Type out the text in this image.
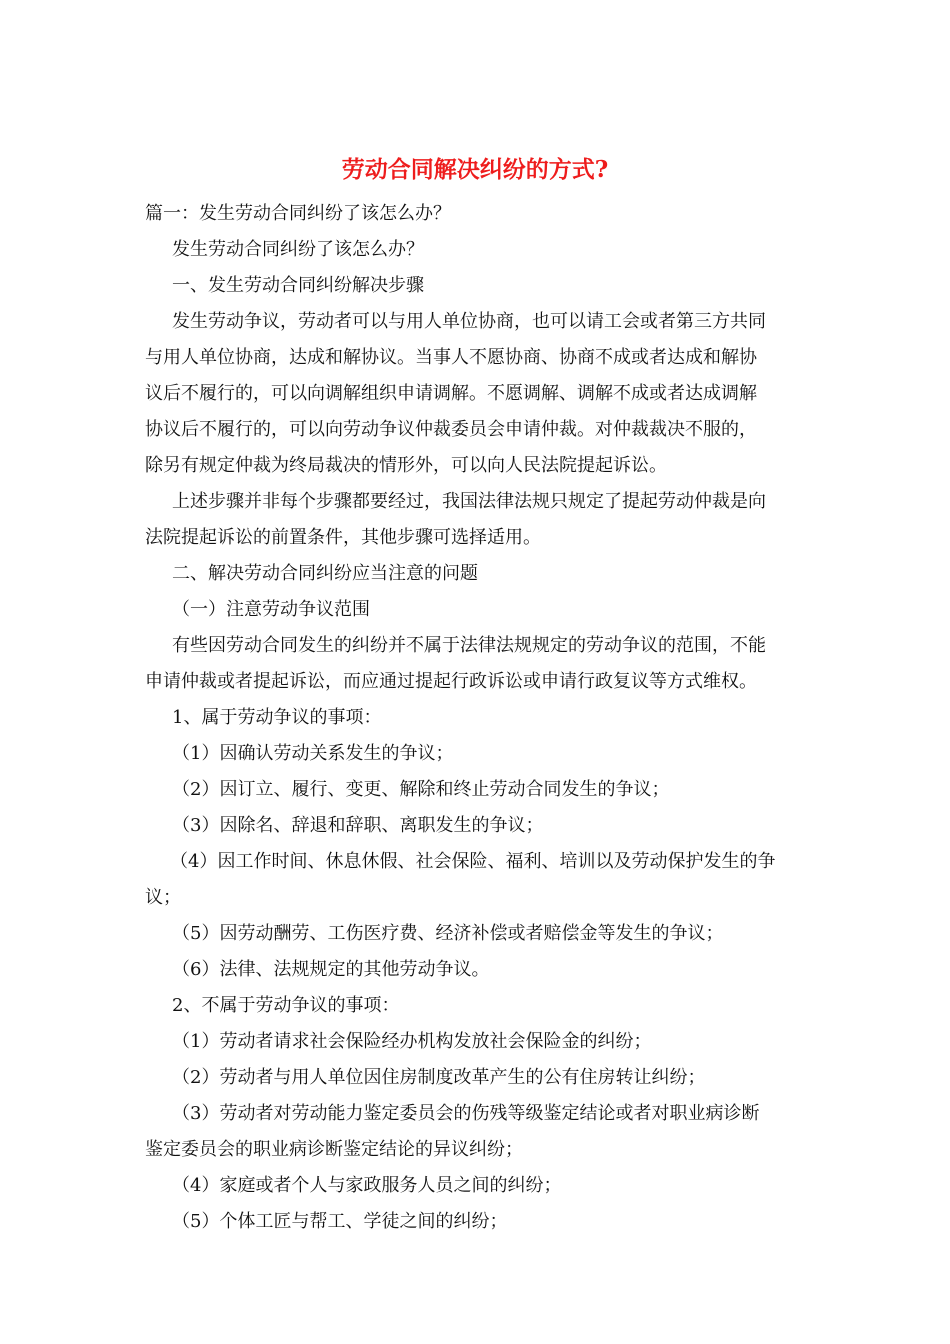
劳动合同解决纠纷的方式?
篇一：发生劳动合同纠纷了该怎么办？
发生劳动合同纠纷了该怎么办？
一、发生劳动合同纠纷解决步骤
发生劳动争议，劳动者可以与用人单位协商，也可以请工会或者第三方共同
与用人单位协商，达成和解协议。当事人不愿协商、协商不成或者达成和解协
议后不履行的，可以向调解组织申请调解。不愿调解、调解不成或者达成调解
协议后不履行的，可以向劳动争议仲裁委员会申请仲裁。对仲裁裁决不服的，
除另有规定仲裁为终局裁决的情形外，可以向人民法院提起诉讼。
上述步骤并非每个步骤都要经过，我国法律法规只规定了提起劳动仲裁是向
法院提起诉讼的前置条件，其他步骤可选择适用。
二、解决劳动合同纠纷应当注意的问题
（一）注意劳动争议范围
有些因劳动合同发生的纠纷并不属于法律法规规定的劳动争议的范围，不能
申请仲裁或者提起诉讼，而应通过提起行政诉讼或申请行政复议等方式维权。
1、属于劳动争议的事项：
（1）因确认劳动关系发生的争议；
（2）因订立、履行、变更、解除和终止劳动合同发生的争议；
（3）因除名、辞退和辞职、离职发生的争议；
（4）因工作时间、休息休假、社会保险、福利、培训以及劳动保护发生的争
议；
（5）因劳动酬劳、工伤医疗费、经济补偿或者赔偿金等发生的争议；
（6）法律、法规规定的其他劳动争议。
2、不属于劳动争议的事项：
（1）劳动者请求社会保险经办机构发放社会保险金的纠纷；
（2）劳动者与用人单位因住房制度改革产生的公有住房转让纠纷；
（3）劳动者对劳动能力鉴定委员会的伤残等级鉴定结论或者对职业病诊断
鉴定委员会的职业病诊断鉴定结论的异议纠纷；
（4）家庭或者个人与家政服务人员之间的纠纷；
（5）个体工匠与帮工、学徒之间的纠纷；
